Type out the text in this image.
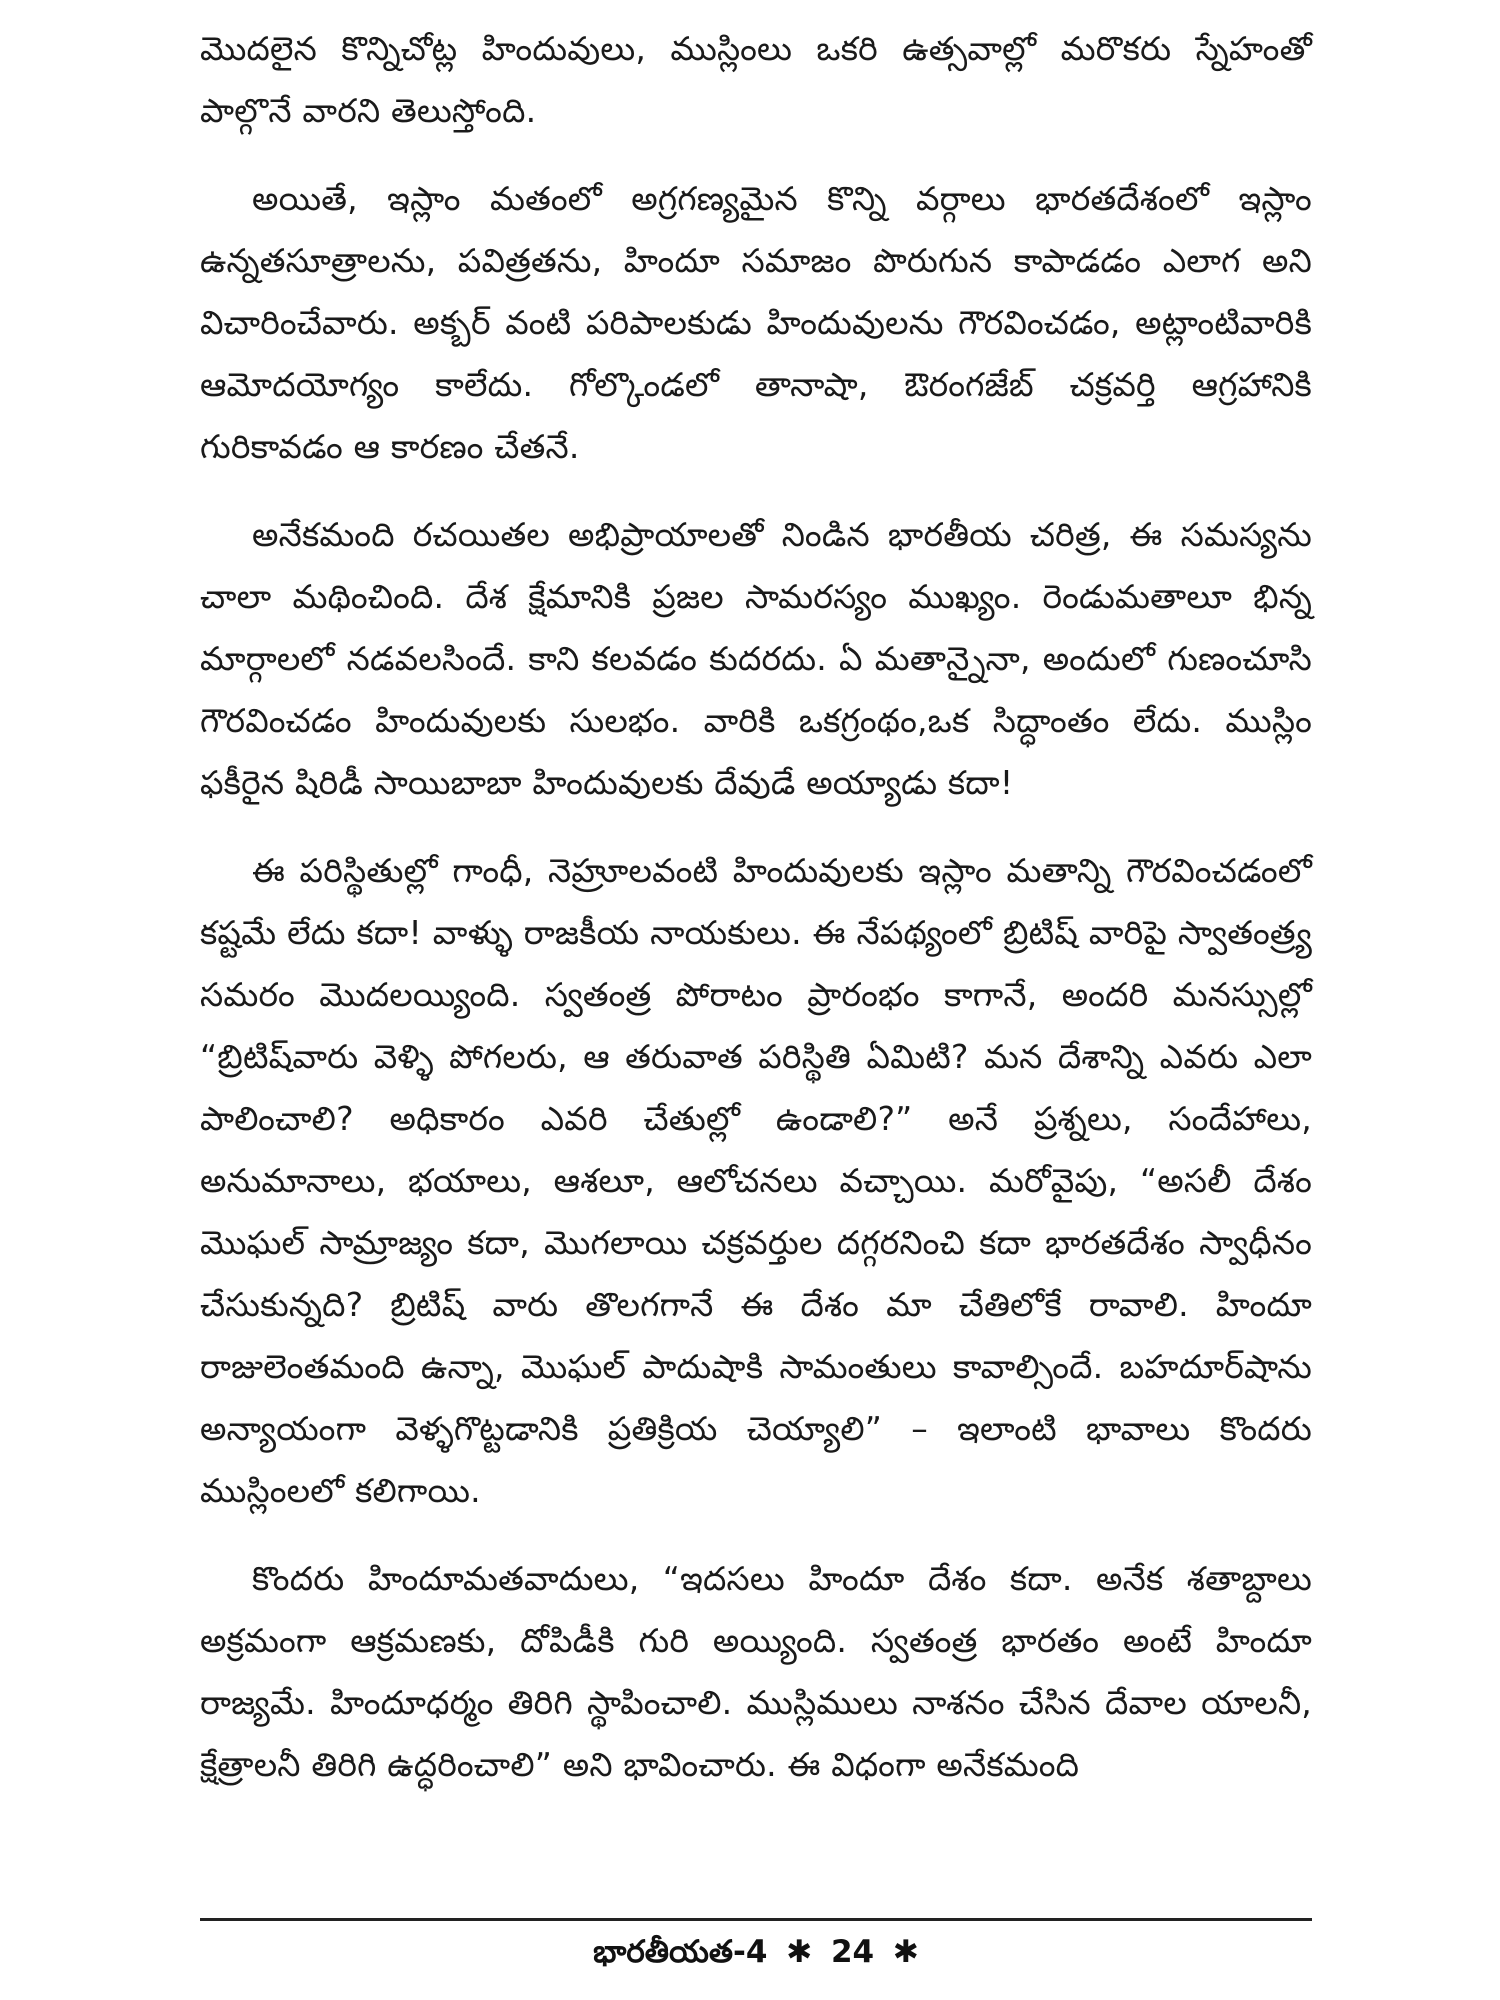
మొదలైన కొన్నిచోట్ల హిందువులు, ముస్లింలు ఒకరి ఉత్సవాల్లో మరొకరు స్నేహంతో పాల్గొనే వారని తెలుస్తోంది.

అయితే, ఇస్లాం మతంలో అగ్రగణ్యమైన కొన్ని వర్గాలు భారతదేశంలో ఇస్లాం ఉన్నతసూత్రాలను, పవిత్రతను, హిందూ సమాజం పొరుగున కాపాడడం ఎలాగ అని విచారించేవారు. అక్బర్ వంటి పరిపాలకుడు హిందువులను గౌరవించడం, అట్లాంటివారికి ఆమోదయోగ్యం కాలేదు. గోల్కొండలో తానాషా, ఔరంగజేబ్ చక్రవర్తి ఆగ్రహానికి గురికావడం ఆ కారణం చేతనే.

అనేకమంది రచయితల అభిప్రాయాలతో నిండిన భారతీయ చరిత్ర, ఈ సమస్యను చాలా మథించింది. దేశ క్షేమానికి ప్రజల సామరస్యం ముఖ్యం. రెండుమతాలూ భిన్న మార్గాలలో నడవలసిందే. కాని కలవడం కుదరదు. ఏ మతాన్నైనా, అందులో గుణంచూసి గౌరవించడం హిందువులకు సులభం. వారికి ఒకగ్రంథం,ఒక సిద్ధాంతం లేదు. ముస్లిం ఫకీరైన షిరిడీ సాయిబాబా హిందువులకు దేవుడే అయ్యాడు కదా!

ఈ పరిస్థితుల్లో గాంధీ, నెహ్రూలవంటి హిందువులకు ఇస్లాం మతాన్ని గౌరవించడంలో కష్టమే లేదు కదా! వాళ్ళు రాజకీయ నాయకులు. ఈ నేపథ్యంలో బ్రిటిష్ వారిపై స్వాతంత్ర్య సమరం మొదలయ్యింది. స్వతంత్ర పోరాటం ప్రారంభం కాగానే, అందరి మనస్సుల్లో “బ్రిటిష్‌వారు వెళ్ళి పోగలరు, ఆ తరువాత పరిస్థితి ఏమిటి? మన దేశాన్ని ఎవరు ఎలా పాలించాలి? అధికారం ఎవరి చేతుల్లో ఉండాలి?” అనే ప్రశ్నలు, సందేహాలు, అనుమానాలు, భయాలు, ఆశలూ, ఆలోచనలు వచ్చాయి. మరోవైపు, “అసలీ దేశం మొఘల్ సామ్రాజ్యం కదా, మొగలాయి చక్రవర్తుల దగ్గరనించి కదా భారతదేశం స్వాధీనం చేసుకున్నది? బ్రిటిష్ వారు తొలగగానే ఈ దేశం మా చేతిలోకే రావాలి. హిందూ రాజులెంతమంది ఉన్నా, మొఘల్ పాదుషాకి సామంతులు కావాల్సిందే. బహదూర్‌షాను అన్యాయంగా వెళ్ళగొట్టడానికి ప్రతిక్రియ చెయ్యాలి” – ఇలాంటి భావాలు కొందరు ముస్లింలలో కలిగాయి.

కొందరు హిందూమతవాదులు, “ఇదసలు హిందూ దేశం కదా. అనేక శతాబ్దాలు అక్రమంగా ఆక్రమణకు, దోపిడీకి గురి అయ్యింది. స్వతంత్ర భారతం అంటే హిందూ రాజ్యమే. హిందూధర్మం తిరిగి స్థాపించాలి. ముస్లిములు నాశనం చేసిన దేవాల యాలనీ, క్షేత్రాలనీ తిరిగి ఉద్ధరించాలి” అని భావించారు. ఈ విధంగా అనేకమంది

భారతీయత-4 ✱ 24 ✱
